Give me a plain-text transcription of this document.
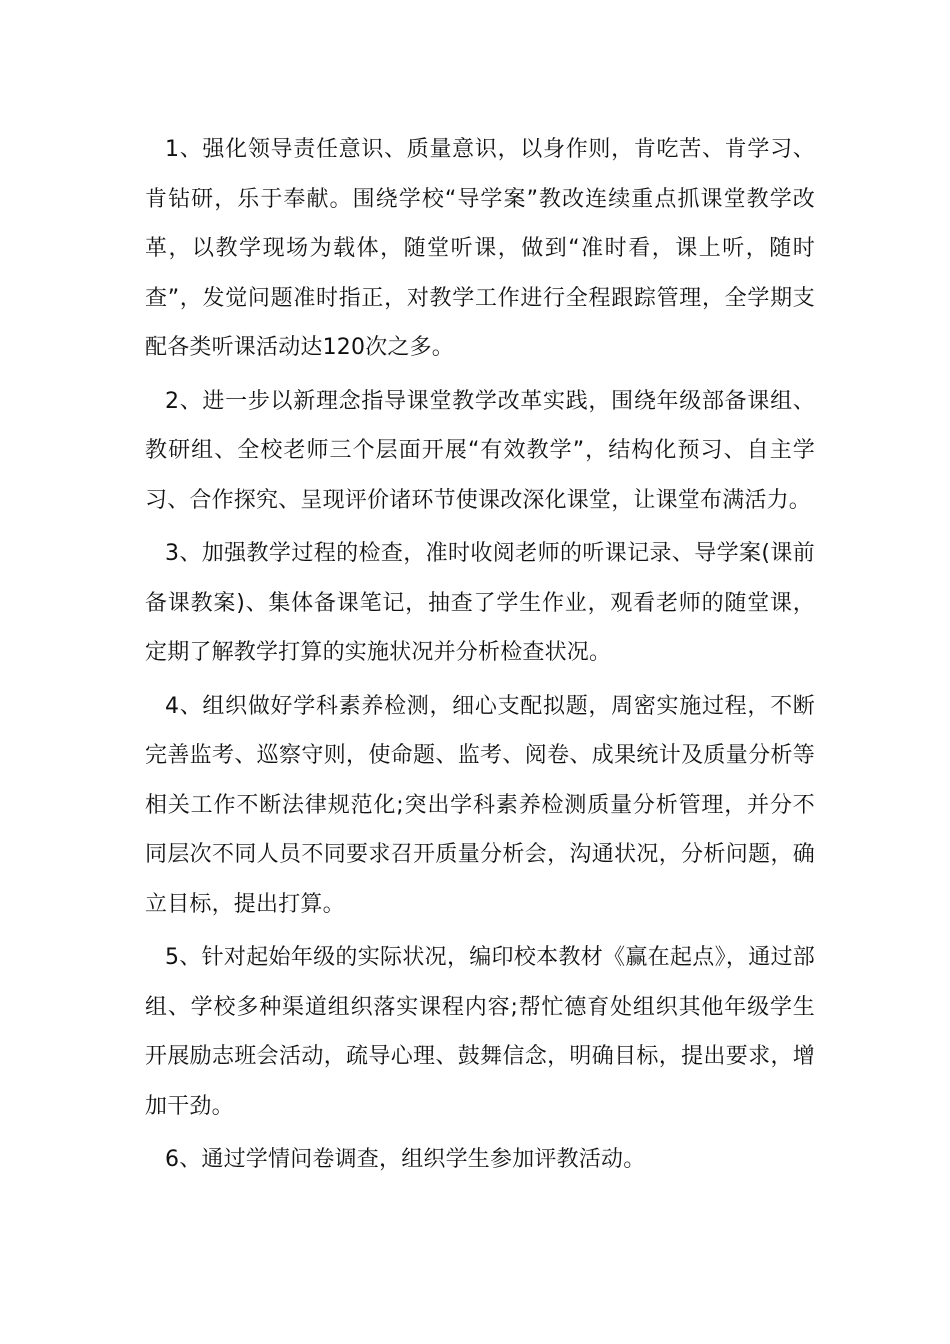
1、强化领导责任意识、质量意识，以身作则，肯吃苦、肯学习、肯钻研，乐于奉献。围绕学校“导学案”教改连续重点抓课堂教学改革，以教学现场为载体，随堂听课，做到“准时看，课上听，随时查”，发觉问题准时指正，对教学工作进行全程跟踪管理，全学期支配各类听课活动达120次之多。

2、进一步以新理念指导课堂教学改革实践，围绕年级部备课组、教研组、全校老师三个层面开展“有效教学”，结构化预习、自主学习、合作探究、呈现评价诸环节使课改深化课堂，让课堂布满活力。

3、加强教学过程的检查，准时收阅老师的听课记录、导学案(课前备课教案)、集体备课笔记，抽查了学生作业，观看老师的随堂课，定期了解教学打算的实施状况并分析检查状况。

4、组织做好学科素养检测，细心支配拟题，周密实施过程，不断完善监考、巡察守则，使命题、监考、阅卷、成果统计及质量分析等相关工作不断法律规范化;突出学科素养检测质量分析管理，并分不同层次不同人员不同要求召开质量分析会，沟通状况，分析问题，确立目标，提出打算。

5、针对起始年级的实际状况，编印校本教材《赢在起点》，通过部组、学校多种渠道组织落实课程内容;帮忙德育处组织其他年级学生开展励志班会活动，疏导心理、鼓舞信念，明确目标，提出要求，增加干劲。

6、通过学情问卷调查，组织学生参加评教活动。
